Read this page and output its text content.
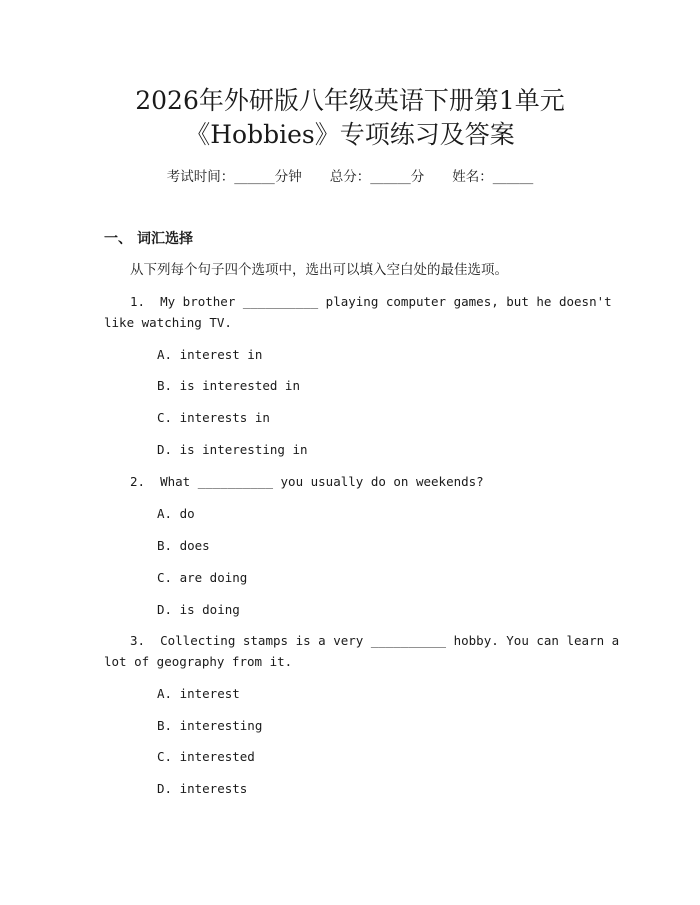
2026年外研版八年级英语下册第1单元
《Hobbies》专项练习及答案
考试时间：______分钟 总分：______分 姓名：______
一、 词汇选择
从下列每个句子四个选项中，选出可以填入空白处的最佳选项。
1.  My brother __________ playing computer games, but he doesn't
like watching TV.
A. interest in
B. is interested in
C. interests in
D. is interesting in
2.  What __________ you usually do on weekends?
A. do
B. does
C. are doing
D. is doing
3.  Collecting stamps is a very __________ hobby. You can learn a
lot of geography from it.
A. interest
B. interesting
C. interested
D. interests
